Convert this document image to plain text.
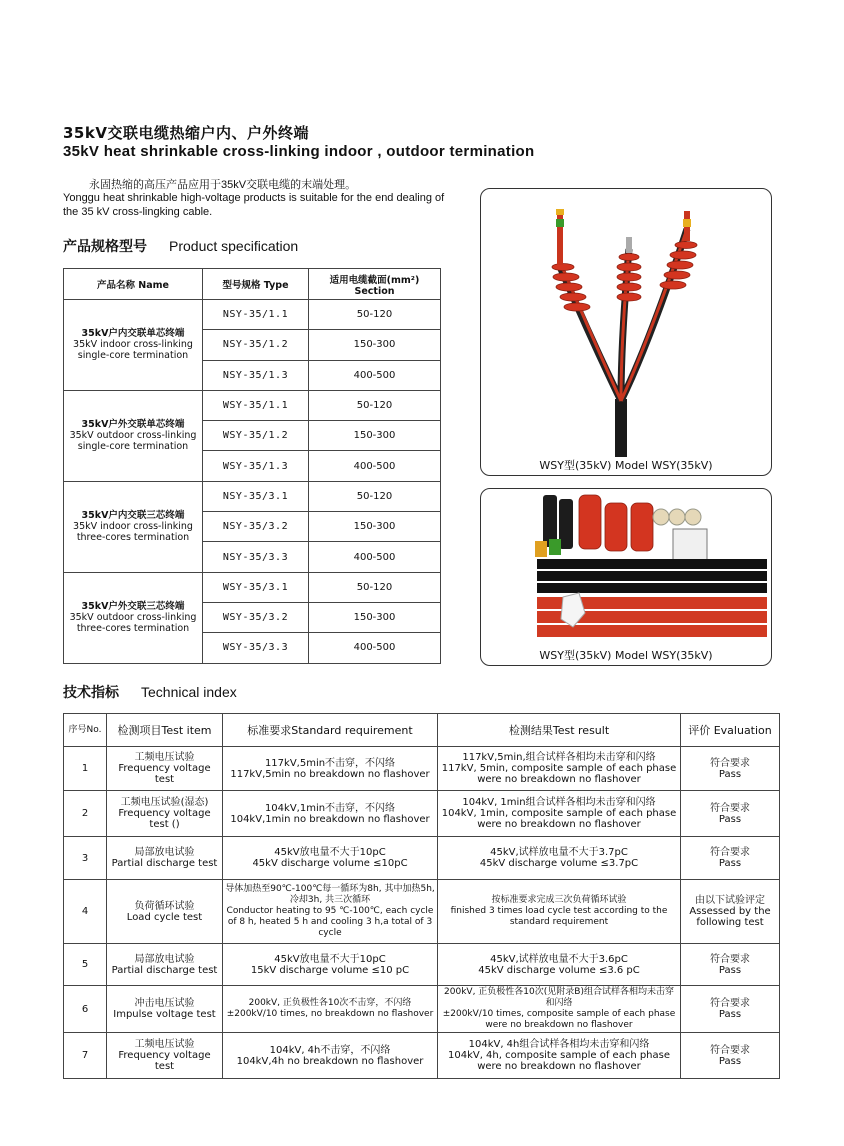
35kV交联电缆热缩户内、户外终端
35kV heat shrinkable cross-linking indoor , outdoor termination
永固热缩的高压产品应用于35kV交联电缆的末端处理。
Yonggu heat shrinkable high-voltage products is suitable for the end dealing of the 35 kV cross-lingking cable.
产品规格型号 Product specification
产品名称 Name	型号规格 Type	适用电缆截面(mm²) Section
35kV户内交联单芯终端
35kV indoor cross-linking single-core termination	NSY-35/1.1	50-120
	NSY-35/1.2	150-300
	NSY-35/1.3	400-500
35kV户外交联单芯终端
35kV outdoor cross-linking single-core termination	WSY-35/1.1	50-120
	WSY-35/1.2	150-300
	WSY-35/1.3	400-500
35kV户内交联三芯终端
35kV indoor cross-linking three-cores termination	NSY-35/3.1	50-120
	NSY-35/3.2	150-300
	NSY-35/3.3	400-500
35kV户外交联三芯终端
35kV outdoor cross-linking three-cores termination	WSY-35/3.1	50-120
	WSY-35/3.2	150-300
	WSY-35/3.3	400-500
WSY型(35kV) Model WSY(35kV)
WSY型(35kV) Model WSY(35kV)
技术指标 Technical index
序号No.	检测项目Test item	标准要求Standard requirement	检测结果Test result	评价 Evaluation
1	工频电压试验
Frequency voltage test	117kV,5min不击穿，不闪络
117kV,5min no breakdown no flashover	117kV,5min,组合试样各相均未击穿和闪络
117kV, 5min, composite sample of each phase were no breakdown no flashover	符合要求
Pass
2	工频电压试验(湿态)
Frequency voltage test ()	104kV,1min不击穿，不闪络
104kV,1min no breakdown no flashover	104kV, 1min组合试样各相均未击穿和闪络
104kV, 1min, composite sample of each phase were no breakdown no flashover	符合要求
Pass
3	局部放电试验
Partial discharge test	45kV放电量不大于10pC
45kV discharge volume ≤10pC	45kV,试样放电量不大于3.7pC
45kV discharge volume ≤3.7pC	符合要求
Pass
4	负荷循环试验
Load cycle test	导体加热至90℃-100℃每一循环为8h, 其中加热5h,冷却3h, 共三次循环
Conductor heating to 95 ℃-100℃, each cycle of 8 h, heated 5 h and cooling 3 h,a total of 3 cycle	按标准要求完成三次负荷循环试验
finished 3 times load cycle test according to the standard requirement	由以下试验评定
Assessed by the following test
5	局部放电试验
Partial discharge test	45kV放电量不大于10pC
15kV discharge volume ≤10 pC	45kV,试样放电量不大于3.6pC
45kV discharge volume ≤3.6 pC	符合要求
Pass
6	冲击电压试验
Impulse voltage test	200kV, 正负极性各10次不击穿，不闪络
±200kV/10 times, no breakdown no flashover	200kV, 正负极性各10次(见附录B)组合试样各相均未击穿和闪络
±200kV/10 times, composite sample of each phase were no breakdown no flashover	符合要求
Pass
7	工频电压试验
Frequency voltage test	104kV, 4h不击穿，不闪络
104kV,4h no breakdown no flashover	104kV, 4h组合试样各相均未击穿和闪络
104kV, 4h, composite sample of each phase were no breakdown no flashover	符合要求
Pass
